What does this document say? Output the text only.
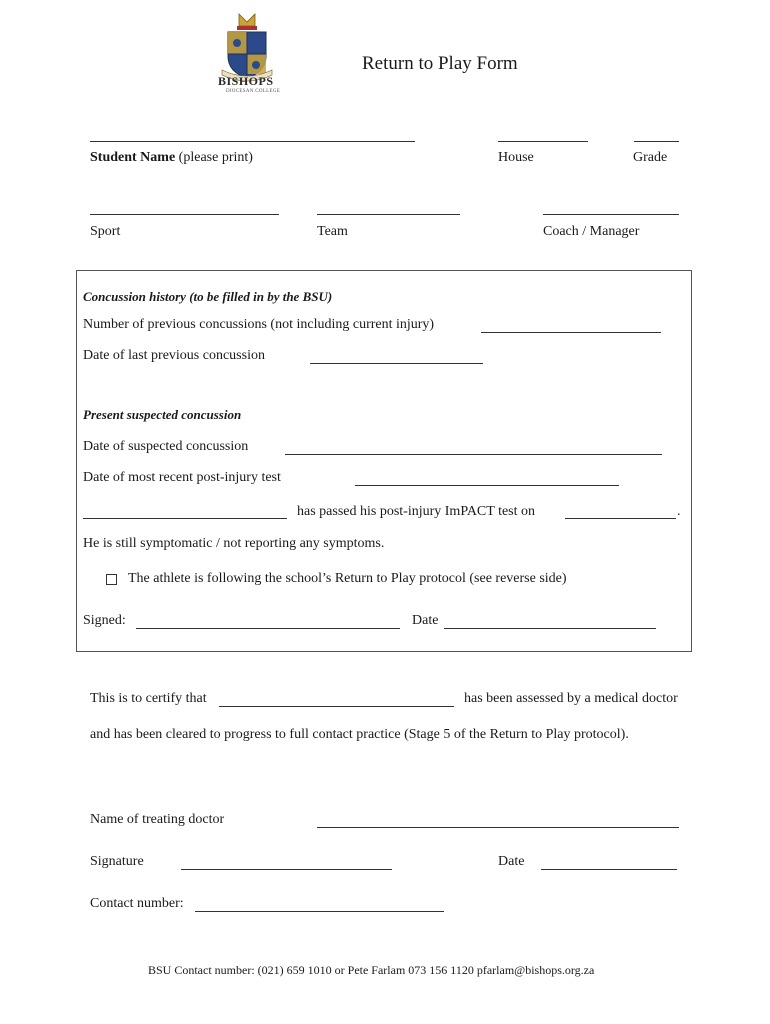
BISHOPS
DIOCESAN COLLEGE
Return to Play Form
Student Name (please print)	House	Grade
Sport	Team	Coach / Manager
Concussion history (to be filled in by the BSU)
Number of previous concussions (not including current injury)
Date of last previous concussion
Present suspected concussion
Date of suspected concussion
Date of most recent post-injury test
has passed his post-injury ImPACT test on	.
He is still symptomatic / not reporting any symptoms.
The athlete is following the school’s Return to Play protocol (see reverse side)
Signed:	Date
This is to certify that	has been assessed by a medical doctor
and has been cleared to progress to full contact practice (Stage 5 of the Return to Play protocol).
Name of treating doctor
Signature	Date
Contact number:
BSU Contact number: (021) 659 1010 or Pete Farlam 073 156 1120 pfarlam@bishops.org.za
